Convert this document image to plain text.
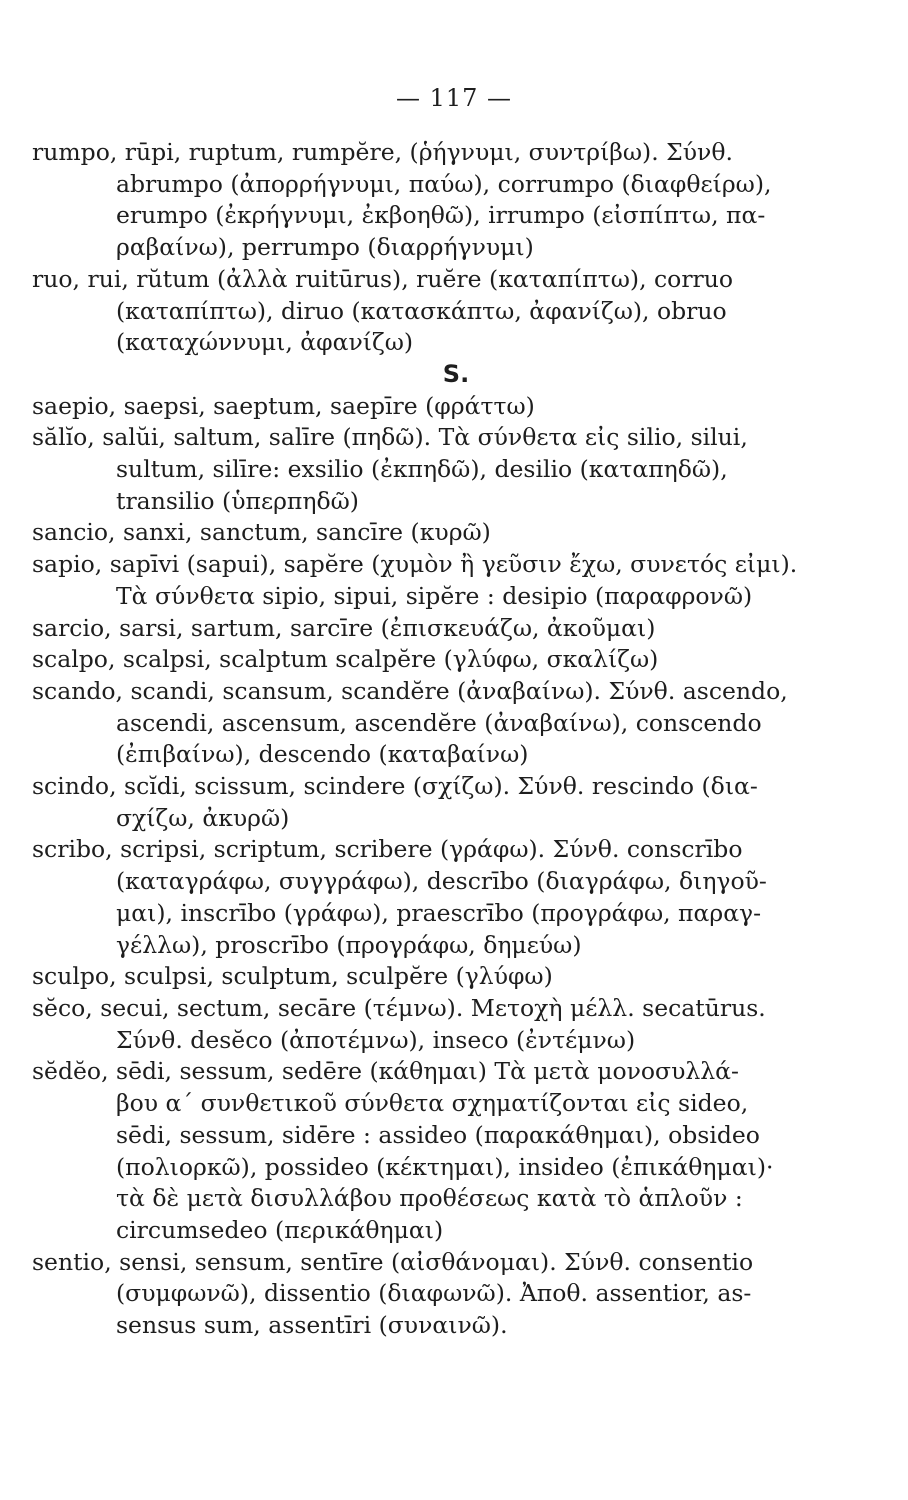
— 117 —
rumpo, rūpi, ruptum, rumpĕre, (ῥήγνυμι, συντρίβω). Σύνθ.
abrumpo (ἀπορρήγνυμι, παύω), corrumpo (διαφθείρω),
erumpo (ἐκρήγνυμι, ἐκβοηθῶ), irrumpo (εἰσπίπτω, πα-
ραβαίνω), perrumpo (διαρρήγνυμι)
ruo, rui, rŭtum (ἀλλὰ ruitūrus), ruĕre (καταπίπτω), corruo
(καταπίπτω), diruo (κατασκάπτω, ἀφανίζω), obruo
(καταχώννυμι, ἀφανίζω)
S.
saepio, saepsi, saeptum, saepīre (φράττω)
sălĭo, salŭi, saltum, salīre (πηδῶ). Τὰ σύνθετα εἰς silio, silui,
sultum, silīre: exsilio (ἐκπηδῶ), desilio (καταπηδῶ),
transilio (ὑπερπηδῶ)
sancio, sanxi, sanctum, sancīre (κυρῶ)
sapio, sapīvi (sapui), sapĕre (χυμὸν ἢ γεῦσιν ἔχω, συνετός εἰμι).
Τὰ σύνθετα sipio, sipui, sipĕre : desipio (παραφρονῶ)
sarcio, sarsi, sartum, sarcīre (ἐπισκευάζω, ἀκοῦμαι)
scalpo, scalpsi, scalptum scalpĕre (γλύφω, σκαλίζω)
scando, scandi, scansum, scandĕre (ἀναβαίνω). Σύνθ. ascendo,
ascendi, ascensum, ascendĕre (ἀναβαίνω), conscendo
(ἐπιβαίνω), descendo (καταβαίνω)
scindo, scĭdi, scissum, scindere (σχίζω). Σύνθ. rescindo (δια-
σχίζω, ἀκυρῶ)
scribo, scripsi, scriptum, scribere (γράφω). Σύνθ. conscrībo
(καταγράφω, συγγράφω), descrībo (διαγράφω, διηγοῦ-
μαι), inscrībo (γράφω), praescrībo (προγράφω, παραγ-
γέλλω), proscrībo (προγράφω, δημεύω)
sculpo, sculpsi, sculptum, sculpĕre (γλύφω)
sĕco, secui, sectum, secāre (τέμνω). Μετοχὴ μέλλ. secatūrus.
Σύνθ. desĕco (ἀποτέμνω), inseco (ἐντέμνω)
sĕdĕo, sēdi, sessum, sedēre (κάθημαι) Τὰ μετὰ μονοσυλλά-
βου α΄ συνθετικοῦ σύνθετα σχηματίζονται εἰς sideo,
sēdi, sessum, sidēre : assideo (παρακάθημαι), obsideo
(πολιορκῶ), possideo (κέκτημαι), insideo (ἐπικάθημαι)·
τὰ δὲ μετὰ δισυλλάβου προθέσεως κατὰ τὸ ἁπλοῦν :
circumsedeo (περικάθημαι)
sentio, sensi, sensum, sentīre (αἰσθάνομαι). Σύνθ. consentio
(συμφωνῶ), dissentio (διαφωνῶ). Ἀποθ. assentior, as-
sensus sum, assentīri (συναινῶ).
